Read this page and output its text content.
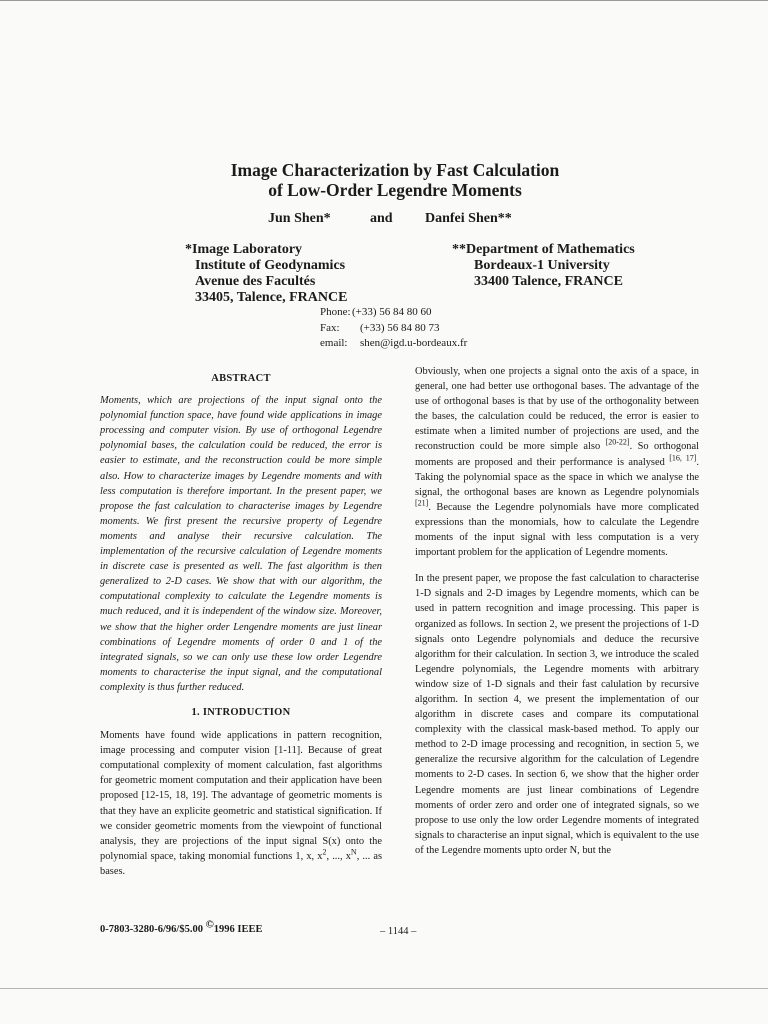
Image Characterization by Fast Calculation
of Low-Order Legendre Moments
Jun Shen*	and Danfei Shen**
*Image Laboratory
Institute of Geodynamics
Avenue des Facultés
33405, Talence, FRANCE
**Department of Mathematics
Bordeaux-1 University
33400 Talence, FRANCE
Phone:(+33) 56 84 80 60
Fax: (+33) 56 84 80 73
email: shen@igd.u-bordeaux.fr
ABSTRACT

Moments, which are projections of the input signal onto the polynomial function space, have found wide applications in image processing and computer vision. By use of orthogonal Legendre polynomial bases, the calculation could be reduced, the error is easier to estimate, and the reconstruction could be more simple also. How to characterize images by Legendre moments and with less computation is therefore important. In the present paper, we propose the fast calculation to characterise images by Legendre moments. We first present the recursive property of Legendre moments and analyse their recursive calculation. The implementation of the recursive calculation of Legendre moments in discrete case is presented as well. The fast algorithm is then generalized to 2-D cases. We show that with our algorithm, the computational complexity to calculate the Legendre moments is much reduced, and it is independent of the window size. Moreover, we show that the higher order Lengendre moments are just linear combinations of Legendre moments of order 0 and 1 of the integrated signals, so we can only use these low order Legendre moments to characterise the input signal, and the computational complexity is thus further reduced.

1. INTRODUCTION

Moments have found wide applications in pattern recognition, image processing and computer vision [1-11]. Because of great computational complexity of moment calculation, fast algorithms for geometric moment computation and their application have been proposed [12-15, 18, 19]. The advantage of geometric moments is that they have an explicite geometric and statistical signification. If we consider geometric moments from the viewpoint of functional analysis, they are projections of the input signal S(x) onto the polynomial space, taking monomial functions 1, x, $x^2$, ..., $x^N$, ... as bases.

Obviously, when one projects a signal onto the axis of a space, in general, one had better use orthogonal bases. The advantage of the use of orthogonal bases is that by use of the orthogonality between the bases, the calculation could be reduced, the error is easier to estimate when a limited number of projections are used, and the reconstruction could be more simple also [20-22]. So orthogonal moments are proposed and their performance is analysed [16, 17]. Taking the polynomial space as the space in which we analyse the signal, the orthogonal bases are known as Legendre polynomials [21]. Because the Legendre polynomials have more complicated expressions than the monomials, how to calculate the Legendre moments of the input signal with less computation is a very important problem for the application of Legendre moments.

In the present paper, we propose the fast calculation to characterise 1-D signals and 2-D images by Legendre moments, which can be used in pattern recognition and image processing. This paper is organized as follows. In section 2, we present the projections of 1-D signals onto Legendre polynomials and deduce the recursive algorithm for their calculation. In section 3, we introduce the scaled Legendre polynomials, the Legendre moments with arbitrary window size of 1-D signals and their fast calulation by recursive algorithm. In section 4, we present the implementation of our algorithm in discrete cases and compare its computational complexity with the classical mask-based method. To apply our method to 2-D image processing and recognition, in section 5, we generalize the recursive algorithm for the calculation of Legendre moments to 2-D cases. In section 6, we show that the higher order Legendre moments are just linear combinations of Legendre moments of order zero and order one of integrated signals, so we propose to use only the low order Legendre moments of integrated signals to characterise an input signal, which is equivalent to the use of the Legendre moments upto order N, but the

0-7803-3280-6/96/$5.00 ©1996 IEEE	– 1144 –
